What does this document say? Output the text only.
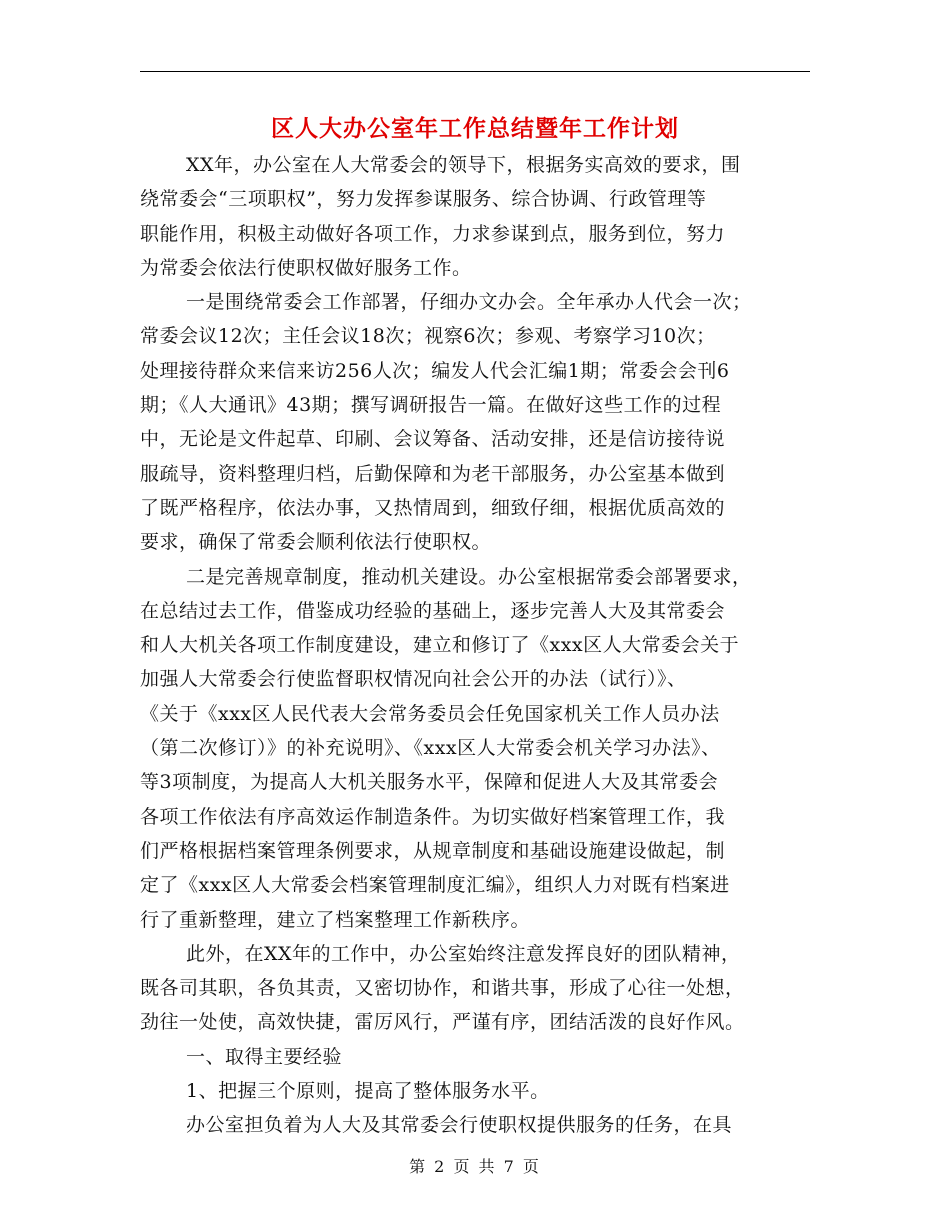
区人大办公室年工作总结暨年工作计划
XX年，办公室在人大常委会的领导下，根据务实高效的要求，围
绕常委会“三项职权”，努力发挥参谋服务、综合协调、行政管理等
职能作用，积极主动做好各项工作，力求参谋到点，服务到位，努力
为常委会依法行使职权做好服务工作。
一是围绕常委会工作部署，仔细办文办会。全年承办人代会一次；
常委会议12次；主任会议18次；视察6次；参观、考察学习10次；
处理接待群众来信来访256人次；编发人代会汇编1期；常委会会刊6
期；《人大通讯》43期；撰写调研报告一篇。在做好这些工作的过程
中，无论是文件起草、印刷、会议筹备、活动安排，还是信访接待说
服疏导，资料整理归档，后勤保障和为老干部服务，办公室基本做到
了既严格程序，依法办事，又热情周到，细致仔细，根据优质高效的
要求，确保了常委会顺利依法行使职权。
二是完善规章制度，推动机关建设。办公室根据常委会部署要求，
在总结过去工作，借鉴成功经验的基础上，逐步完善人大及其常委会
和人大机关各项工作制度建设，建立和修订了《xxx区人大常委会关于
加强人大常委会行使监督职权情况向社会公开的办法（试行）》、
《关于《xxx区人民代表大会常务委员会任免国家机关工作人员办法
（第二次修订）》的补充说明》、《xxx区人大常委会机关学习办法》、
等3项制度，为提高人大机关服务水平，保障和促进人大及其常委会
各项工作依法有序高效运作制造条件。为切实做好档案管理工作，我
们严格根据档案管理条例要求，从规章制度和基础设施建设做起，制
定了《xxx区人大常委会档案管理制度汇编》，组织人力对既有档案进
行了重新整理，建立了档案整理工作新秩序。
此外，在XX年的工作中，办公室始终注意发挥良好的团队精神，
既各司其职，各负其责，又密切协作，和谐共事，形成了心往一处想，
劲往一处使，高效快捷，雷厉风行，严谨有序，团结活泼的良好作风。
一、取得主要经验
1、把握三个原则，提高了整体服务水平。
办公室担负着为人大及其常委会行使职权提供服务的任务，在具
第 2 页 共 7 页
